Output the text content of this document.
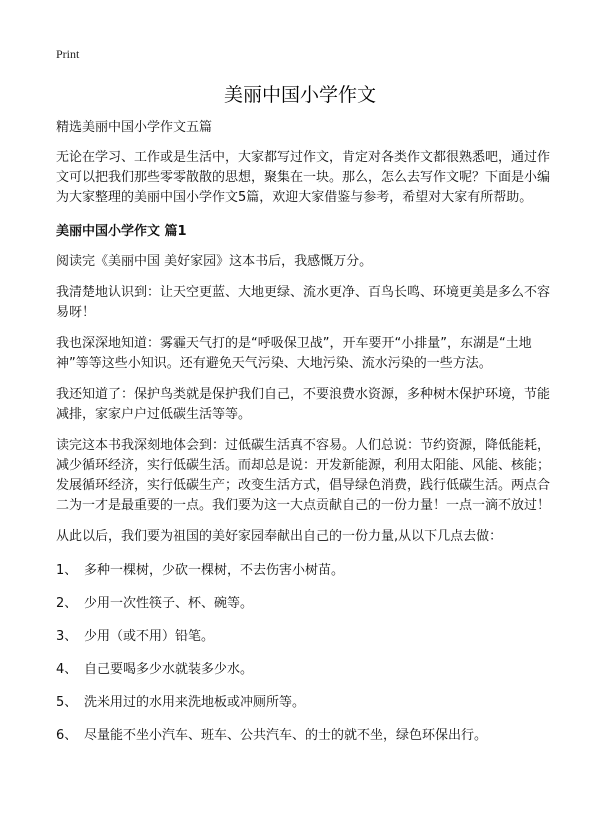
Print
美丽中国小学作文

精选美丽中国小学作文五篇

无论在学习、工作或是生活中，大家都写过作文，肯定对各类作文都很熟悉吧，通过作文可以把我们那些零零散散的思想，聚集在一块。那么，怎么去写作文呢？下面是小编为大家整理的美丽中国小学作文5篇，欢迎大家借鉴与参考，希望对大家有所帮助。

美丽中国小学作文 篇1

阅读完《美丽中国 美好家园》这本书后，我感慨万分。

我清楚地认识到：让天空更蓝、大地更绿、流水更净、百鸟长鸣、环境更美是多么不容易呀！

我也深深地知道：雾霾天气打的是“呼吸保卫战”，开车要开“小排量”，东湖是“土地神”等等这些小知识。还有避免天气污染、大地污染、流水污染的一些方法。

我还知道了：保护鸟类就是保护我们自己，不要浪费水资源，多种树木保护环境，节能减排，家家户户过低碳生活等等。

读完这本书我深刻地体会到：过低碳生活真不容易。人们总说：节约资源，降低能耗，减少循环经济，实行低碳生活。而却总是说：开发新能源，利用太阳能、风能、核能；发展循环经济，实行低碳生产；改变生活方式，倡导绿色消费，践行低碳生活。两点合二为一才是最重要的一点。我们要为这一大点贡献自己的一份力量！一点一滴不放过！

从此以后，我们要为祖国的美好家园奉献出自己的一份力量,从以下几点去做：

1、 多种一棵树，少砍一棵树，不去伤害小树苗。

2、 少用一次性筷子、杯、碗等。

3、 少用（或不用）铅笔。

4、 自己要喝多少水就装多少水。

5、 洗米用过的水用来洗地板或冲厕所等。

6、 尽量能不坐小汽车、班车、公共汽车、的士的就不坐，绿色环保出行。
